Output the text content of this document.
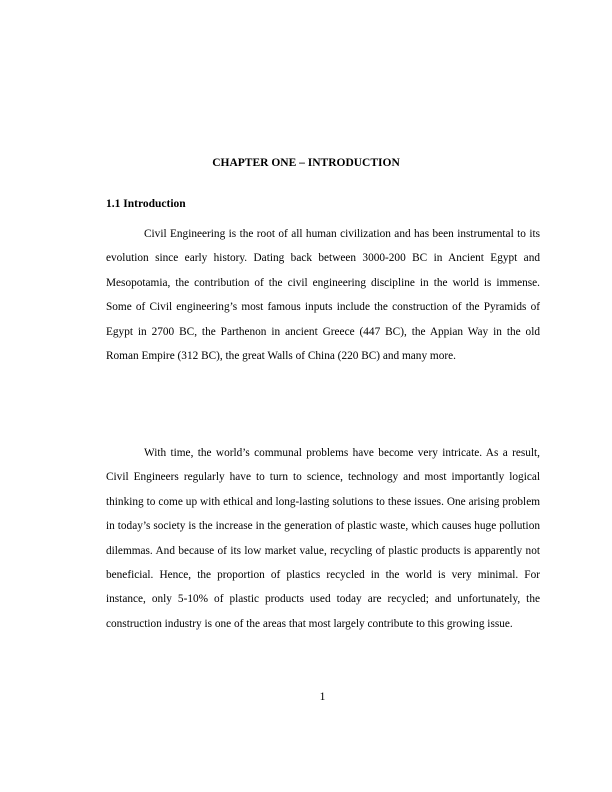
CHAPTER ONE – INTRODUCTION
1.1 Introduction

Civil Engineering is the root of all human civilization and has been instrumental to its evolution since early history. Dating back between 3000-200 BC in Ancient Egypt and Mesopotamia, the contribution of the civil engineering discipline in the world is immense. Some of Civil engineering’s most famous inputs include the construction of the Pyramids of Egypt in 2700 BC, the Parthenon in ancient Greece (447 BC), the Appian Way in the old Roman Empire (312 BC), the great Walls of China (220 BC) and many more.

With time, the world’s communal problems have become very intricate. As a result, Civil Engineers regularly have to turn to science, technology and most importantly logical thinking to come up with ethical and long-lasting solutions to these issues. One arising problem in today’s society is the increase in the generation of plastic waste, which causes huge pollution dilemmas. And because of its low market value, recycling of plastic products is apparently not beneficial. Hence, the proportion of plastics recycled in the world is very minimal. For instance, only 5-10% of plastic products used today are recycled; and unfortunately, the construction industry is one of the areas that most largely contribute to this growing issue.

1
